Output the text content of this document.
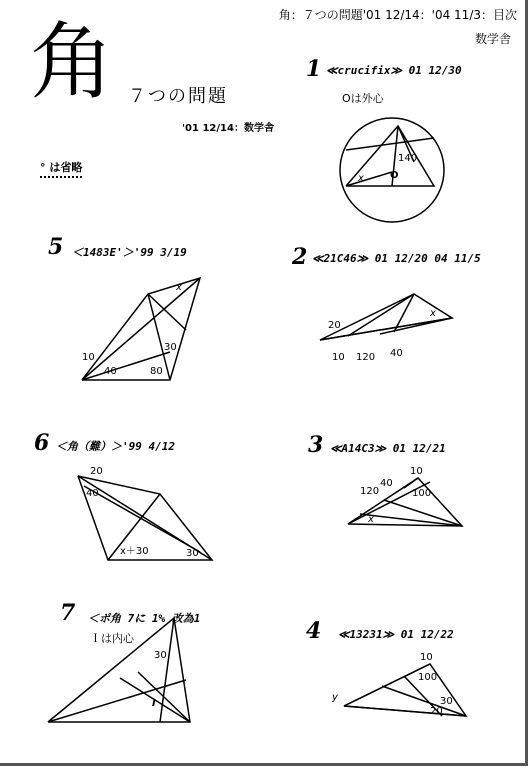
角：７つの問題'01 12/14：'04 11/3：目次
数学舎
角 ７つの問題
'01 12/14：数学舎
° は省略
1 ≪crucifix≫ 01 12/30
Oは外心
2 ≪21C46≫ 01 12/20 04 11/5
3 ≪A14C3≫ 01 12/21
4 ≪13231≫ 01 12/22
5 ＜1483E'＞'99 3/19
6 ＜角（難）＞'99 4/12
7 ＜ポ角 7に 1% 改為1
Ｉは内心
140
x	O
20
x
10 120 40
10
40
120	100
x
10
100
y	30
20
x
10
40	80
30
20
40
x＋30	30
30
I
